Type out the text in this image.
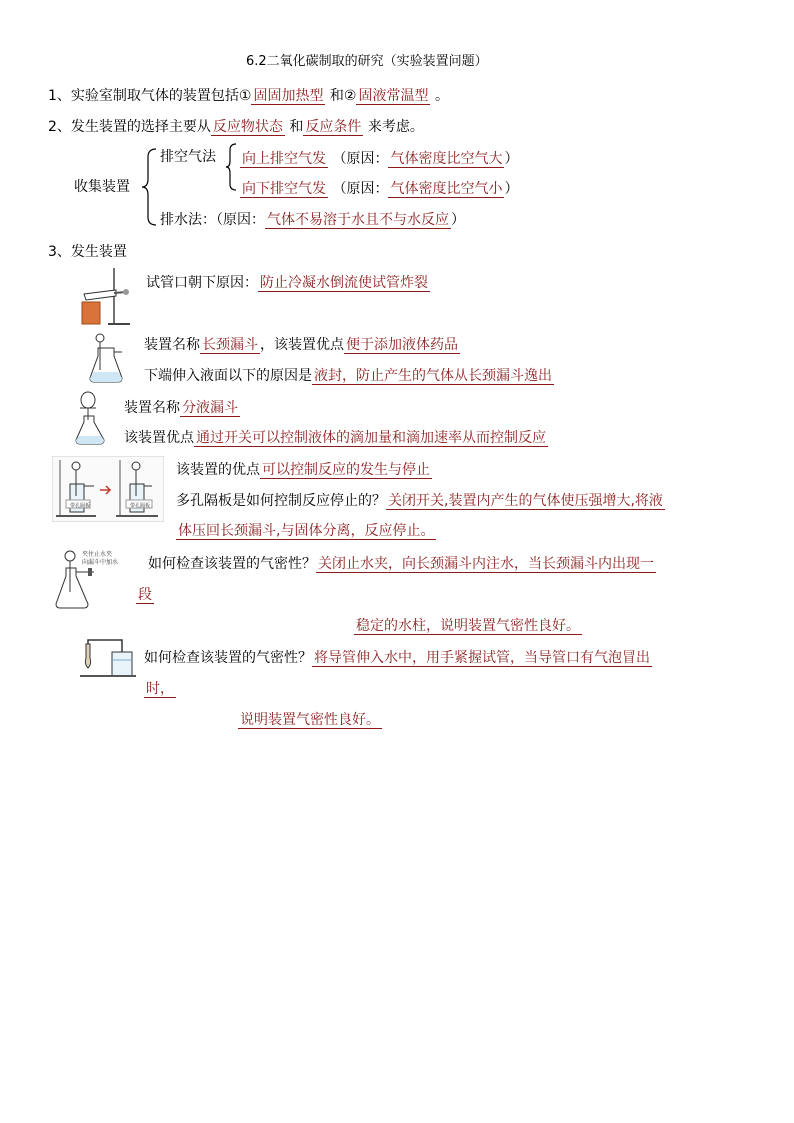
6.2二氧化碳制取的研究（实验装置问题）
1、实验室制取气体的装置包括① 固固加热型 和② 固液常温型 。
2、发生装置的选择主要从 反应物状态 和 反应条件 来考虑。
收集装置
排空气法 向上排空气发 （原因： 气体密度比空气大 ）
向下排空气发 （原因： 气体密度比空气小 ）
排水法：（原因： 气体不易溶于水且不与水反应 ）
3、发生装置
试管口朝下原因： 防止冷凝水倒流使试管炸裂
装置名称 长颈漏斗 ，该装置优点 便于添加液体药品
下端伸入液面以下的原因是 液封，防止产生的气体从长颈漏斗逸出
装置名称 分液漏斗
该装置优点 通过开关可以控制液体的滴加量和滴加速率从而控制反应
带孔隔板	带孔隔板
该装置的优点 可以控制反应的发生与停止
多孔隔板是如何控制反应停止的？ 关闭开关,装置内产生的气体使压强增大,将液
体压回长颈漏斗,与固体分离，反应停止。
夹住止水夹
向漏斗中加水 如何检查该装置的气密性？ 关闭止水夹，向长颈漏斗内注水，当长颈漏斗内出现一
段
稳定的水柱，说明装置气密性良好。
如何检查该装置的气密性？ 将导管伸入水中，用手紧握试管，当导管口有气泡冒出
时，
说明装置气密性良好。
